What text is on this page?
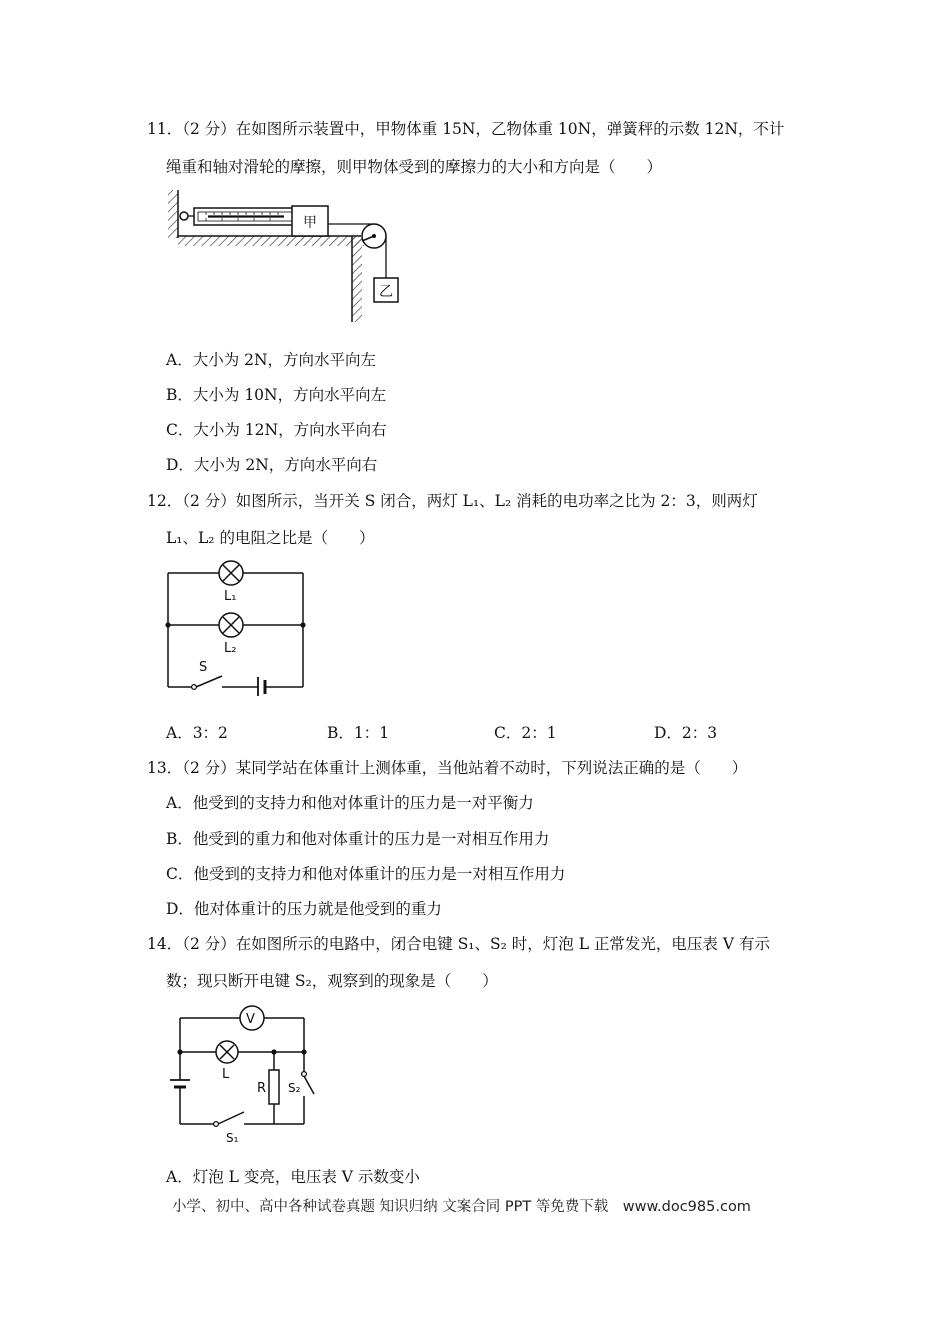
11．（2 分）在如图所示装置中，甲物体重 15N，乙物体重 10N，弹簧秤的示数 12N，不计
绳重和轴对滑轮的摩擦，则甲物体受到的摩擦力的大小和方向是（　　）
甲
乙
A．大小为 2N，方向水平向左
B．大小为 10N，方向水平向左
C．大小为 12N，方向水平向右
D．大小为 2N，方向水平向右
12．（2 分）如图所示，当开关 S 闭合，两灯 L₁、L₂ 消耗的电功率之比为 2：3，则两灯
L₁、L₂ 的电阻之比是（　　）
L₁
L₂
S
A．3：2	B．1：1	C．2：1	D．2：3
13．（2 分）某同学站在体重计上测体重，当他站着不动时，下列说法正确的是（　　）
A．他受到的支持力和他对体重计的压力是一对平衡力
B．他受到的重力和他对体重计的压力是一对相互作用力
C．他受到的支持力和他对体重计的压力是一对相互作用力
D．他对体重计的压力就是他受到的重力
14．（2 分）在如图所示的电路中，闭合电键 S₁、S₂ 时，灯泡 L 正常发光，电压表 V 有示
数；现只断开电键 S₂，观察到的现象是（　　）
V
L
R S₂
S₁
A．灯泡 L 变亮，电压表 V 示数变小
小学、初中、高中各种试卷真题 知识归纳 文案合同 PPT 等免费下载　www.doc985.com
